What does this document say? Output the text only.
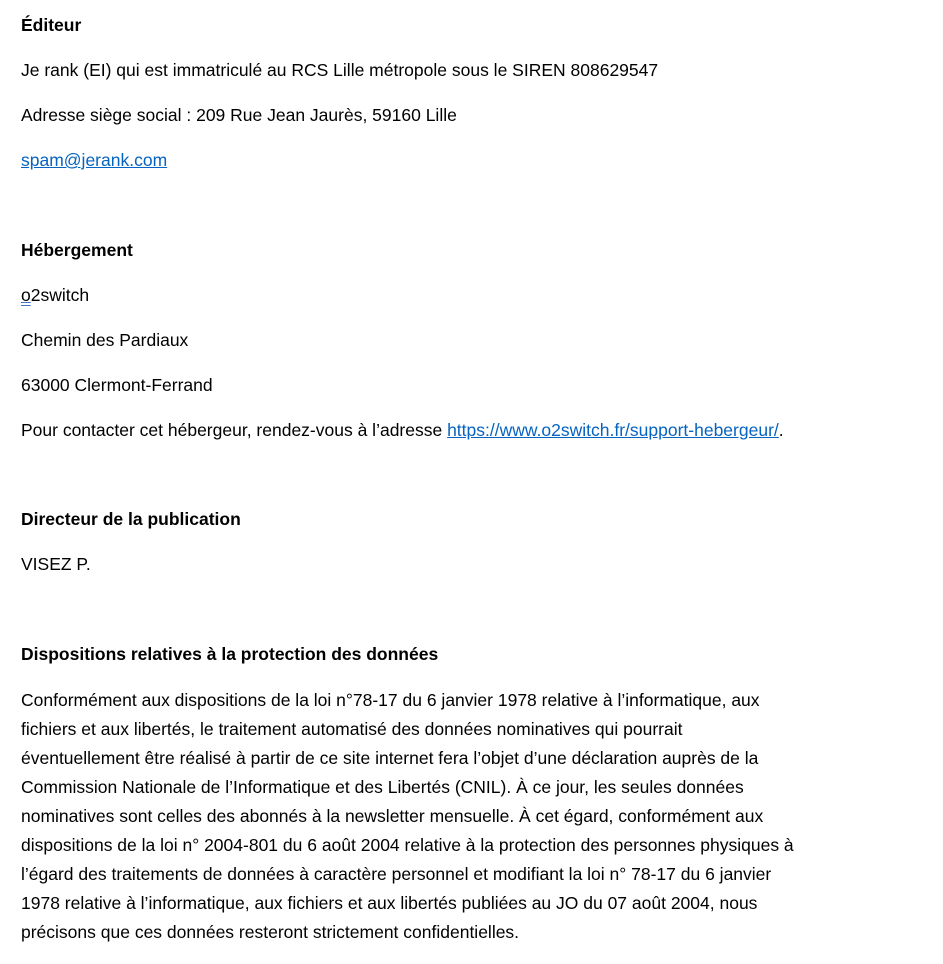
Éditeur
Je rank (EI) qui est immatriculé au RCS Lille métropole sous le SIREN 808629547
Adresse siège social : 209 Rue Jean Jaurès, 59160 Lille
spam@jerank.com
Hébergement
o2switch
Chemin des Pardiaux
63000 Clermont-Ferrand
Pour contacter cet hébergeur, rendez-vous à l’adresse https://www.o2switch.fr/support-hebergeur/.
Directeur de la publication
VISEZ P.
Dispositions relatives à la protection des données
Conformément aux dispositions de la loi n°78-17 du 6 janvier 1978 relative à l’informatique, aux
fichiers et aux libertés, le traitement automatisé des données nominatives qui pourrait
éventuellement être réalisé à partir de ce site internet fera l’objet d’une déclaration auprès de la
Commission Nationale de l’Informatique et des Libertés (CNIL). À ce jour, les seules données
nominatives sont celles des abonnés à la newsletter mensuelle. À cet égard, conformément aux
dispositions de la loi n° 2004-801 du 6 août 2004 relative à la protection des personnes physiques à
l’égard des traitements de données à caractère personnel et modifiant la loi n° 78-17 du 6 janvier
1978 relative à l’informatique, aux fichiers et aux libertés publiées au JO du 07 août 2004, nous
précisons que ces données resteront strictement confidentielles.
